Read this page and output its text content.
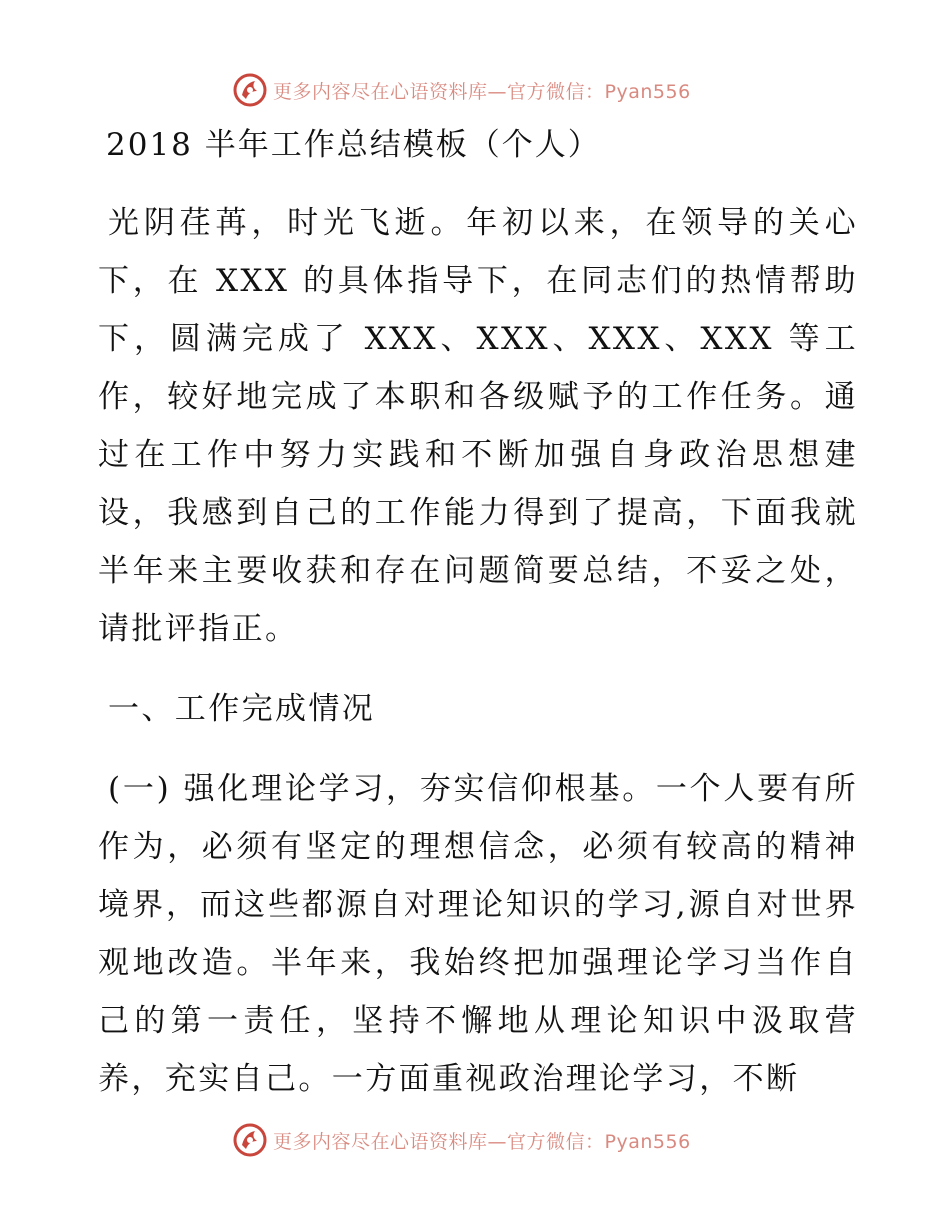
更多内容尽在心语资料库—官方微信：Pyan556
2018 半年工作总结模板（个人）

光阴荏苒，时光飞逝。年初以来，在领导的关心下，在 XXX 的具体指导下，在同志们的热情帮助下，圆满完成了 XXX、XXX、XXX、XXX 等工作，较好地完成了本职和各级赋予的工作任务。通过在工作中努力实践和不断加强自身政治思想建设，我感到自己的工作能力得到了提高，下面我就半年来主要收获和存在问题简要总结，不妥之处，请批评指正。

一、工作完成情况

(一) 强化理论学习，夯实信仰根基。一个人要有所作为，必须有坚定的理想信念，必须有较高的精神境界，而这些都源自对理论知识的学习,源自对世界观地改造。半年来，我始终把加强理论学习当作自己的第一责任，坚持不懈地从理论知识中汲取营养，充实自己。一方面重视政治理论学习，不断

更多内容尽在心语资料库—官方微信：Pyan556
